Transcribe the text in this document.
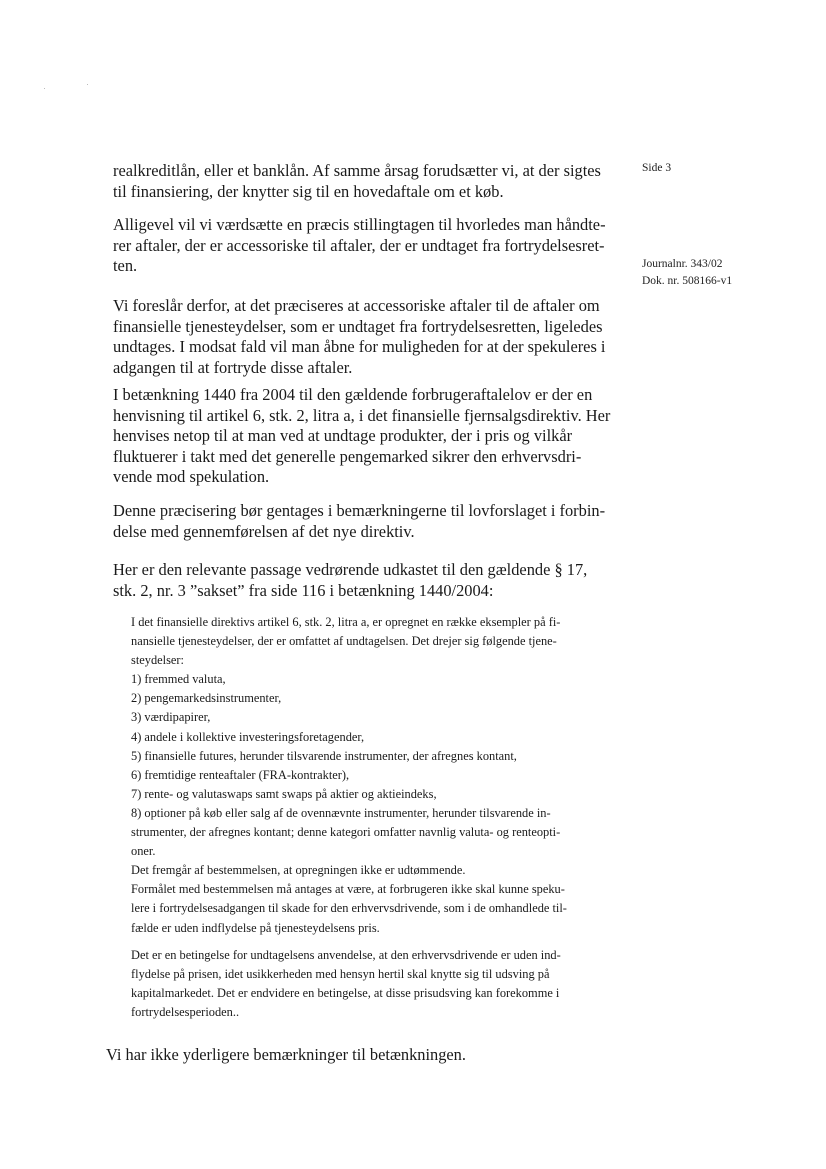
Side 3
Journalnr. 343/02
Dok. nr. 508166-v1
realkreditlån, eller et banklån. Af samme årsag forudsætter vi, at der sigtes
til finansiering, der knytter sig til en hovedaftale om et køb.
Alligevel vil vi værdsætte en præcis stillingtagen til hvorledes man håndte-
rer aftaler, der er accessoriske til aftaler, der er undtaget fra fortrydelsesret-
ten.
Vi foreslår derfor, at det præciseres at accessoriske aftaler til de aftaler om
finansielle tjenesteydelser, som er undtaget fra fortrydelsesretten, ligeledes
undtages. I modsat fald vil man åbne for muligheden for at der spekuleres i
adgangen til at fortryde disse aftaler.
I betænkning 1440 fra 2004 til den gældende forbrugeraftalelov er der en
henvisning til artikel 6, stk. 2, litra a, i det finansielle fjernsalgsdirektiv. Her
henvises netop til at man ved at undtage produkter, der i pris og vilkår
fluktuerer i takt med det generelle pengemarked sikrer den erhvervsdri-
vende mod spekulation.
Denne præcisering bør gentages i bemærkningerne til lovforslaget i forbin-
delse med gennemførelsen af det nye direktiv.
Her er den relevante passage vedrørende udkastet til den gældende § 17,
stk. 2, nr. 3 ”sakset” fra side 116 i betænkning 1440/2004:
I det finansielle direktivs artikel 6, stk. 2, litra a, er opregnet en række eksempler på fi-
nansielle tjenesteydelser, der er omfattet af undtagelsen. Det drejer sig følgende tjene-
steydelser:
1) fremmed valuta,
2) pengemarkedsinstrumenter,
3) værdipapirer,
4) andele i kollektive investeringsforetagender,
5) finansielle futures, herunder tilsvarende instrumenter, der afregnes kontant,
6) fremtidige renteaftaler (FRA-kontrakter),
7) rente- og valutaswaps samt swaps på aktier og aktieindeks,
8) optioner på køb eller salg af de ovennævnte instrumenter, herunder tilsvarende in-
strumenter, der afregnes kontant; denne kategori omfatter navnlig valuta- og renteopti-
oner.
Det fremgår af bestemmelsen, at opregningen ikke er udtømmende.
Formålet med bestemmelsen må antages at være, at forbrugeren ikke skal kunne speku-
lere i fortrydelsesadgangen til skade for den erhvervsdrivende, som i de omhandlede til-
fælde er uden indflydelse på tjenesteydelsens pris.
Det er en betingelse for undtagelsens anvendelse, at den erhvervsdrivende er uden ind-
flydelse på prisen, idet usikkerheden med hensyn hertil skal knytte sig til udsving på
kapitalmarkedet. Det er endvidere en betingelse, at disse prisudsving kan forekomme i
fortrydelsesperioden..

Vi har ikke yderligere bemærkninger til betænkningen.
